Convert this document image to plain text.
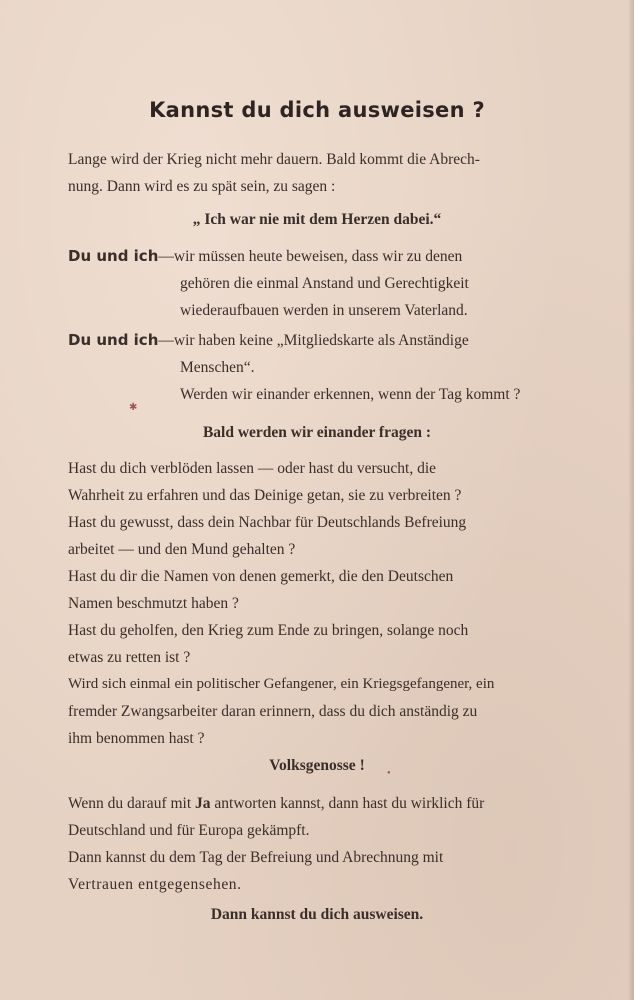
Kannst du dich ausweisen ?
Lange wird der Krieg nicht mehr dauern. Bald kommt die Abrech-
nung. Dann wird es zu spät sein, zu sagen :
„ Ich war nie mit dem Herzen dabei.“
Du und ich—wir müssen heute beweisen, dass wir zu denen
gehören die einmal Anstand und Gerechtigkeit
wiederaufbauen werden in unserem Vaterland.
Du und ich—wir haben keine „Mitgliedskarte als Anständige
Menschen“.
Werden wir einander erkennen, wenn der Tag kommt ?
Bald werden wir einander fragen :
Hast du dich verblöden lassen — oder hast du versucht, die
Wahrheit zu erfahren und das Deinige getan, sie zu verbreiten ?
Hast du gewusst, dass dein Nachbar für Deutschlands Befreiung
arbeitet — und den Mund gehalten ?
Hast du dir die Namen von denen gemerkt, die den Deutschen
Namen beschmutzt haben ?
Hast du geholfen, den Krieg zum Ende zu bringen, solange noch
etwas zu retten ist ?
Wird sich einmal ein politischer Gefangener, ein Kriegsgefangener, ein
fremder Zwangsarbeiter daran erinnern, dass du dich anständig zu
ihm benommen hast ?
Volksgenosse !
Wenn du darauf mit Ja antworten kannst, dann hast du wirklich für
Deutschland und für Europa gekämpft.
Dann kannst du dem Tag der Befreiung und Abrechnung mit
Vertrauen entgegensehen.
Dann kannst du dich ausweisen.
✱
●
